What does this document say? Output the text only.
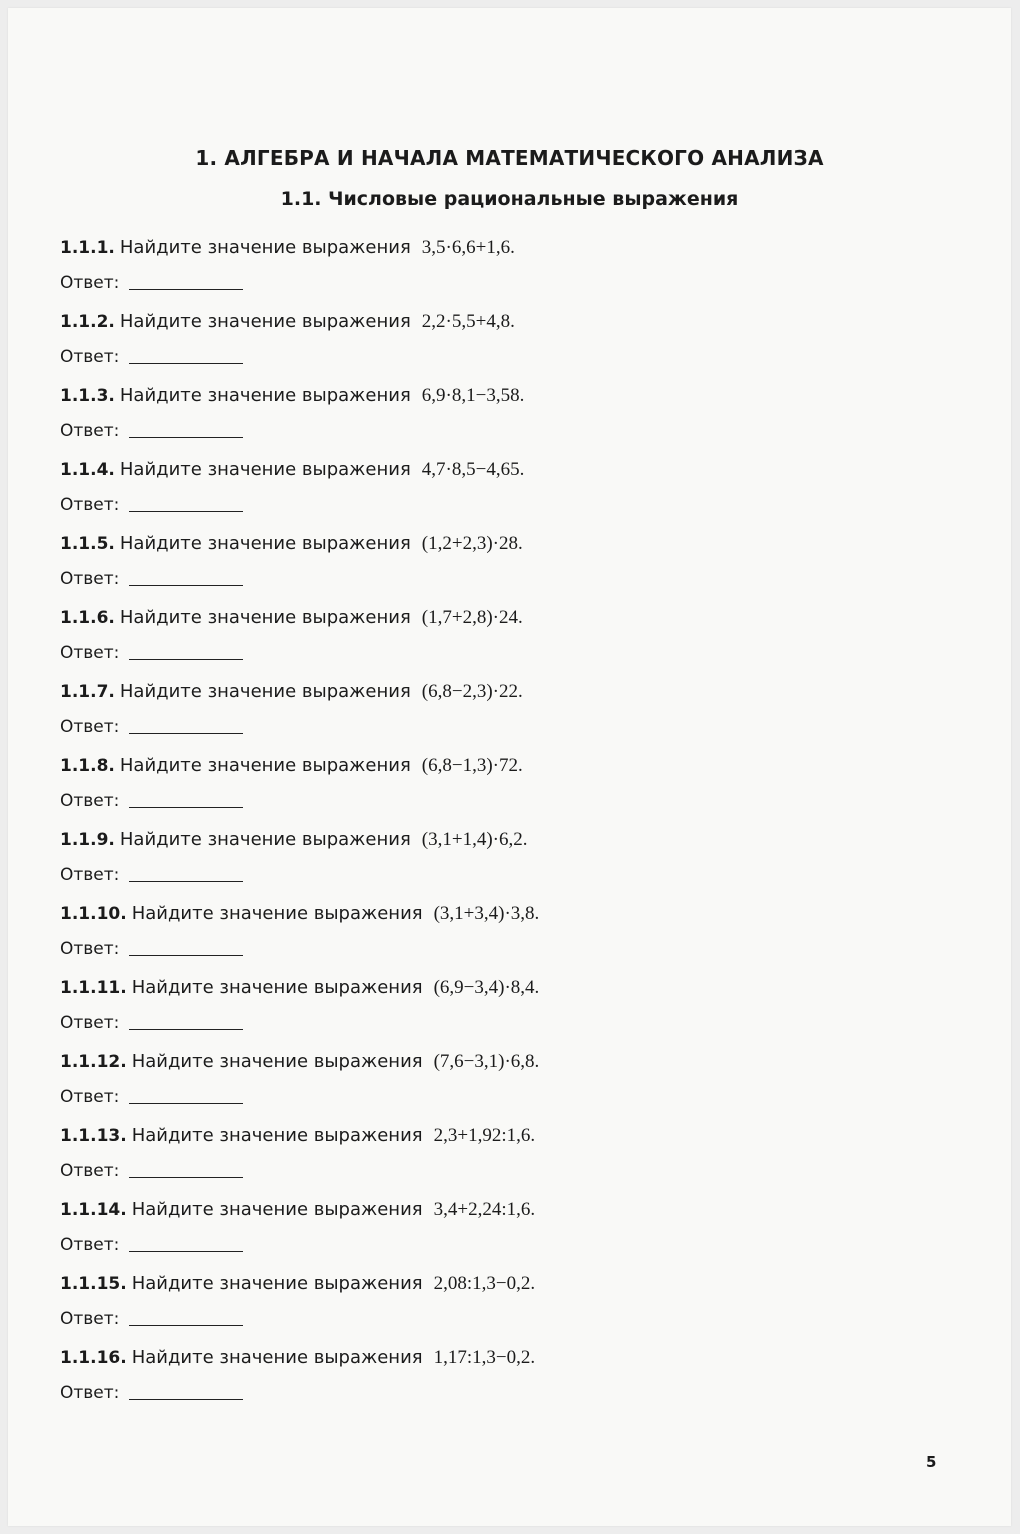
1. АЛГЕБРА И НАЧАЛА МАТЕМАТИЧЕСКОГО АНАЛИЗА
1.1. Числовые рациональные выражения
1.1.1. Найдите значение выражения 3,5·6,6+1,6.
Ответ:
1.1.2. Найдите значение выражения 2,2·5,5+4,8.
Ответ:
1.1.3. Найдите значение выражения 6,9·8,1−3,58.
Ответ:
1.1.4. Найдите значение выражения 4,7·8,5−4,65.
Ответ:
1.1.5. Найдите значение выражения (1,2+2,3)·28.
Ответ:
1.1.6. Найдите значение выражения (1,7+2,8)·24.
Ответ:
1.1.7. Найдите значение выражения (6,8−2,3)·22.
Ответ:
1.1.8. Найдите значение выражения (6,8−1,3)·72.
Ответ:
1.1.9. Найдите значение выражения (3,1+1,4)·6,2.
Ответ:
1.1.10. Найдите значение выражения (3,1+3,4)·3,8.
Ответ:
1.1.11. Найдите значение выражения (6,9−3,4)·8,4.
Ответ:
1.1.12. Найдите значение выражения (7,6−3,1)·6,8.
Ответ:
1.1.13. Найдите значение выражения 2,3+1,92:1,6.
Ответ:
1.1.14. Найдите значение выражения 3,4+2,24:1,6.
Ответ:
1.1.15. Найдите значение выражения 2,08:1,3−0,2.
Ответ:
1.1.16. Найдите значение выражения 1,17:1,3−0,2.
Ответ:
5
